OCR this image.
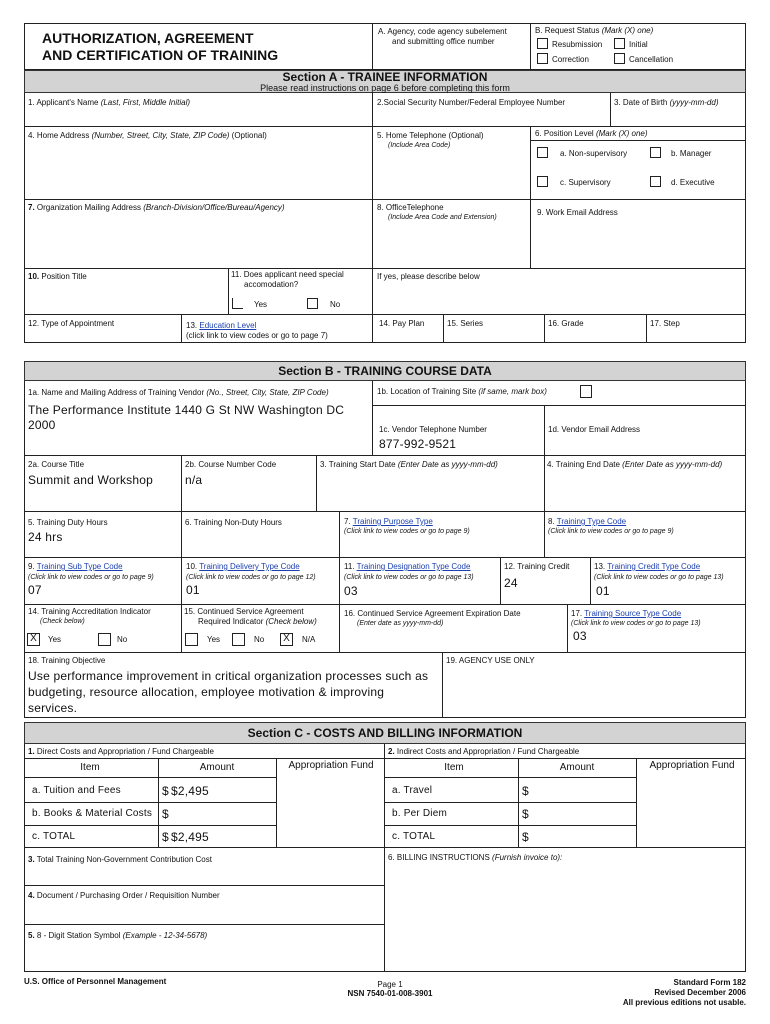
AUTHORIZATION, AGREEMENT
AND CERTIFICATION OF TRAINING
A. Agency, code agency subelement
and submitting office number
B. Request Status (Mark (X) one)
Resubmission	Initial
Correction	Cancellation
Section A - TRAINEE INFORMATION
Please read instructions on page 6 before completing this form
1. Applicant's Name (Last, First, Middle Initial)	2.Social Security Number/Federal Employee Number	3. Date of Birth (yyyy-mm-dd)
4. Home Address (Number, Street, City, State, ZIP Code) (Optional)	5. Home Telephone (Optional)
(Include Area Code)
6. Position Level (Mark (X) one)
a. Non-supervisory	b. Manager
c. Supervisory	d. Executive
7. Organization Mailing Address (Branch-Division/Office/Bureau/Agency)	8. OfficeTelephone
(Include Area Code and Extension)
9. Work Email Address
10. Position Title	11. Does applicant need special
accomodation?
Yes	No
If yes, please describe below
12. Type of Appointment	13. Education Level
(click link to view codes or go to page 7)
14. Pay Plan	15. Series	16. Grade	17. Step
Section B - TRAINING COURSE DATA
1a. Name and Mailing Address of Training Vendor (No., Street, City, State, ZIP Code)
The Performance Institute 1440 G St NW Washington DC
2000
1b. Location of Training Site (if same, mark box)
1c. Vendor Telephone Number
877-992-9521
1d. Vendor Email Address
2a. Course Title
Summit and Workshop
2b. Course Number Code
n/a
3. Training Start Date (Enter Date as yyyy-mm-dd)	4. Training End Date (Enter Date as yyyy-mm-dd)
5. Training Duty Hours
24 hrs
6. Training Non-Duty Hours	7. Training Purpose Type
(Click link to view codes or go to page 9)
8. Training Type Code
(Click link to view codes or go to page 9)
9. Training Sub Type Code
(Click link to view codes or go to page 9)
07
10. Training Delivery Type Code
(Click link to view codes or go to page 12)
01
11. Training Designation Type Code
(Click link to view codes or go to page 13)
03
12. Training Credit
24
13. Training Credit Type Code
(Click link to view codes or go to page 13)
01
14. Training Accreditation Indicator
(Check below)
X	Yes	No
15. Continued Service Agreement
Required Indicator (Check below)
Yes	No	X	N/A
16. Continued Service Agreement Expiration Date
(Enter date as yyyy-mm-dd)
17. Training Source Type Code
(Click link to view codes or go to page 13)
03
18. Training Objective
Use performance improvement in critical organization processes such as
budgeting, resource allocation, employee motivation & improving
services.
19. AGENCY USE ONLY
Section C - COSTS AND BILLING INFORMATION
1. Direct Costs and Appropriation / Fund Chargeable	2. Indirect Costs and Appropriation / Fund Chargeable
Item	Amount	Appropriation Fund
a. Tuition and Fees	$ $2,495
b. Books & Material Costs $
c. TOTAL	$ $2,495
Item	Amount	Appropriation Fund
a. Travel	$
b. Per Diem	$
c. TOTAL	$
3. Total Training Non-Government Contribution Cost
4. Document / Purchasing Order / Requisition Number
5. 8 - Digit Station Symbol (Example - 12-34-5678)
6. BILLING INSTRUCTIONS (Furnish invoice to):
U.S. Office of Personnel Management	Page 1
NSN 7540-01-008-3901
Standard Form 182
Revised December 2006
All previous editions not usable.
